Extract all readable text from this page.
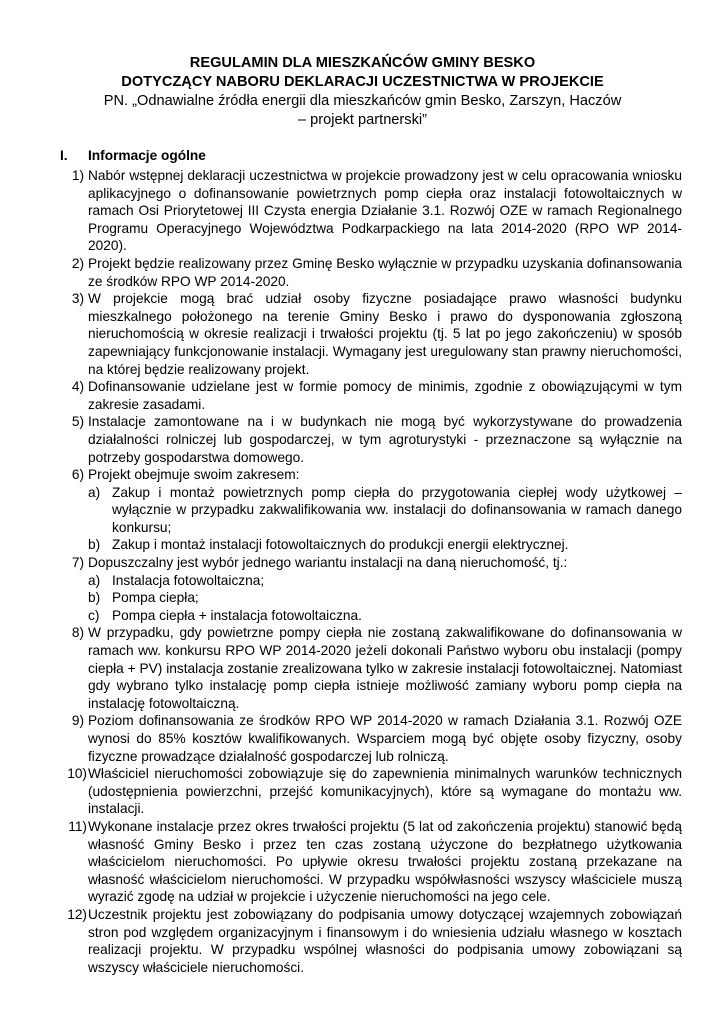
REGULAMIN DLA MIESZKAŃCÓW GMINY BESKO
DOTYCZĄCY NABORU DEKLARACJI UCZESTNICTWA W PROJEKCIE
PN. „Odnawialne źródła energii dla mieszkańców gmin Besko, Zarszyn, Haczów
– projekt partnerski”
I. Informacje ogólne
1) Nabór wstępnej deklaracji uczestnictwa w projekcie prowadzony jest w celu opracowania wniosku aplikacyjnego o dofinansowanie powietrznych pomp ciepła oraz instalacji fotowoltaicznych w ramach Osi Priorytetowej III Czysta energia Działanie 3.1. Rozwój OZE w ramach Regionalnego Programu Operacyjnego Województwa Podkarpackiego na lata 2014-2020 (RPO WP 2014-2020).
2) Projekt będzie realizowany przez Gminę Besko wyłącznie w przypadku uzyskania dofinansowania ze środków RPO WP 2014-2020.
3) W projekcie mogą brać udział osoby fizyczne posiadające prawo własności budynku mieszkalnego położonego na terenie Gminy Besko i prawo do dysponowania zgłoszoną nieruchomością w okresie realizacji i trwałości projektu (tj. 5 lat po jego zakończeniu) w sposób zapewniający funkcjonowanie instalacji. Wymagany jest uregulowany stan prawny nieruchomości, na której będzie realizowany projekt.
4) Dofinansowanie udzielane jest w formie pomocy de minimis, zgodnie z obowiązującymi w tym zakresie zasadami.
5) Instalacje zamontowane na i w budynkach nie mogą być wykorzystywane do prowadzenia działalności rolniczej lub gospodarczej, w tym agroturystyki - przeznaczone są wyłącznie na potrzeby gospodarstwa domowego.
6) Projekt obejmuje swoim zakresem:
a) Zakup i montaż powietrznych pomp ciepła do przygotowania ciepłej wody użytkowej – wyłącznie w przypadku zakwalifikowania ww. instalacji do dofinansowania w ramach danego konkursu;
b) Zakup i montaż instalacji fotowoltaicznych do produkcji energii elektrycznej.
7) Dopuszczalny jest wybór jednego wariantu instalacji na daną nieruchomość, tj.:
a) Instalacja fotowoltaiczna;
b) Pompa ciepła;
c) Pompa ciepła + instalacja fotowoltaiczna.
8) W przypadku, gdy powietrzne pompy ciepła nie zostaną zakwalifikowane do dofinansowania w ramach ww. konkursu RPO WP 2014-2020 jeżeli dokonali Państwo wyboru obu instalacji (pompy ciepła + PV) instalacja zostanie zrealizowana tylko w zakresie instalacji fotowoltaicznej. Natomiast gdy wybrano tylko instalację pomp ciepła istnieje możliwość zamiany wyboru pomp ciepła na instalację fotowoltaiczną.
9) Poziom dofinansowania ze środków RPO WP 2014-2020 w ramach Działania 3.1. Rozwój OZE wynosi do 85% kosztów kwalifikowanych. Wsparciem mogą być objęte osoby fizyczny, osoby fizyczne prowadzące działalność gospodarczej lub rolniczą.
10) Właściciel nieruchomości zobowiązuje się do zapewnienia minimalnych warunków technicznych (udostępnienia powierzchni, przejść komunikacyjnych), które są wymagane do montażu ww. instalacji.
11) Wykonane instalacje przez okres trwałości projektu (5 lat od zakończenia projektu) stanowić będą własność Gminy Besko i przez ten czas zostaną użyczone do bezpłatnego użytkowania właścicielom nieruchomości. Po upływie okresu trwałości projektu zostaną przekazane na własność właścicielom nieruchomości. W przypadku współwłasności wszyscy właściciele muszą wyrazić zgodę na udział w projekcie i użyczenie nieruchomości na jego cele.
12) Uczestnik projektu jest zobowiązany do podpisania umowy dotyczącej wzajemnych zobowiązań stron pod względem organizacyjnym i finansowym i do wniesienia udziału własnego w kosztach realizacji projektu. W przypadku wspólnej własności do podpisania umowy zobowiązani są wszyscy właściciele nieruchomości.
